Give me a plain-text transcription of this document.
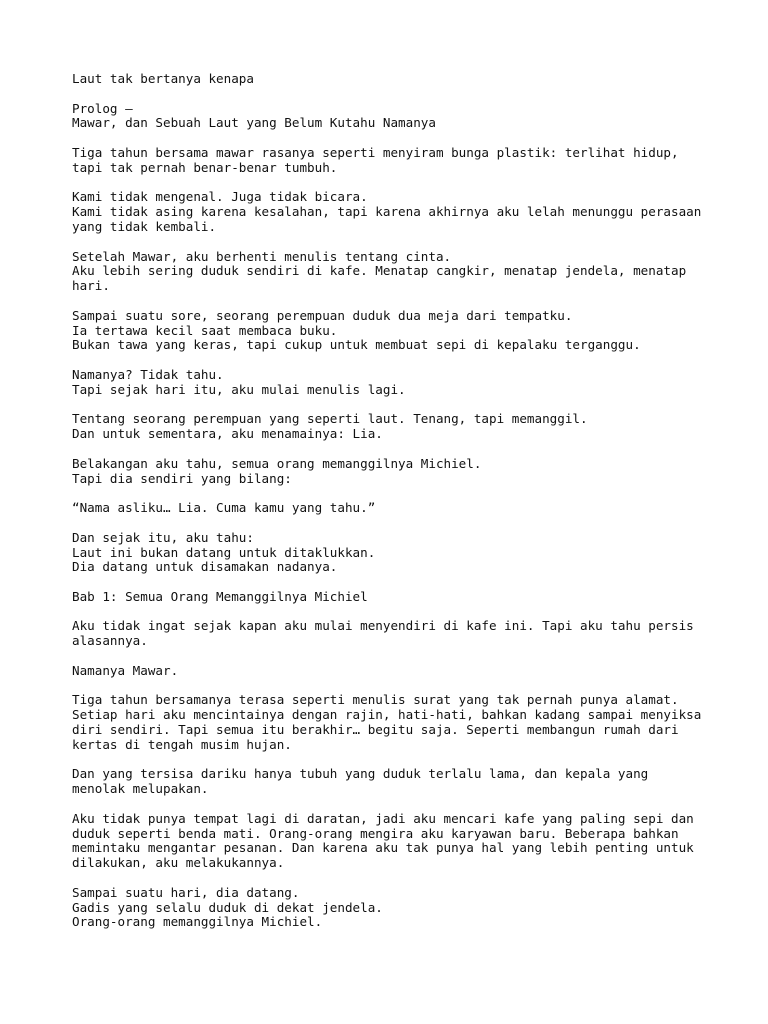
Laut tak bertanya kenapa

Prolog –
Mawar, dan Sebuah Laut yang Belum Kutahu Namanya

Tiga tahun bersama mawar rasanya seperti menyiram bunga plastik: terlihat hidup,
tapi tak pernah benar-benar tumbuh.

Kami tidak mengenal. Juga tidak bicara.
Kami tidak asing karena kesalahan, tapi karena akhirnya aku lelah menunggu perasaan
yang tidak kembali.

Setelah Mawar, aku berhenti menulis tentang cinta.
Aku lebih sering duduk sendiri di kafe. Menatap cangkir, menatap jendela, menatap
hari.

Sampai suatu sore, seorang perempuan duduk dua meja dari tempatku.
Ia tertawa kecil saat membaca buku.
Bukan tawa yang keras, tapi cukup untuk membuat sepi di kepalaku terganggu.

Namanya? Tidak tahu.
Tapi sejak hari itu, aku mulai menulis lagi.

Tentang seorang perempuan yang seperti laut. Tenang, tapi memanggil.
Dan untuk sementara, aku menamainya: Lia.

Belakangan aku tahu, semua orang memanggilnya Michiel.
Tapi dia sendiri yang bilang:

“Nama asliku… Lia. Cuma kamu yang tahu.”

Dan sejak itu, aku tahu:
Laut ini bukan datang untuk ditaklukkan.
Dia datang untuk disamakan nadanya.

Bab 1: Semua Orang Memanggilnya Michiel

Aku tidak ingat sejak kapan aku mulai menyendiri di kafe ini. Tapi aku tahu persis
alasannya.

Namanya Mawar.

Tiga tahun bersamanya terasa seperti menulis surat yang tak pernah punya alamat.
Setiap hari aku mencintainya dengan rajin, hati-hati, bahkan kadang sampai menyiksa
diri sendiri. Tapi semua itu berakhir… begitu saja. Seperti membangun rumah dari
kertas di tengah musim hujan.

Dan yang tersisa dariku hanya tubuh yang duduk terlalu lama, dan kepala yang
menolak melupakan.

Aku tidak punya tempat lagi di daratan, jadi aku mencari kafe yang paling sepi dan
duduk seperti benda mati. Orang-orang mengira aku karyawan baru. Beberapa bahkan
memintaku mengantar pesanan. Dan karena aku tak punya hal yang lebih penting untuk
dilakukan, aku melakukannya.

Sampai suatu hari, dia datang.
Gadis yang selalu duduk di dekat jendela.
Orang-orang memanggilnya Michiel.
